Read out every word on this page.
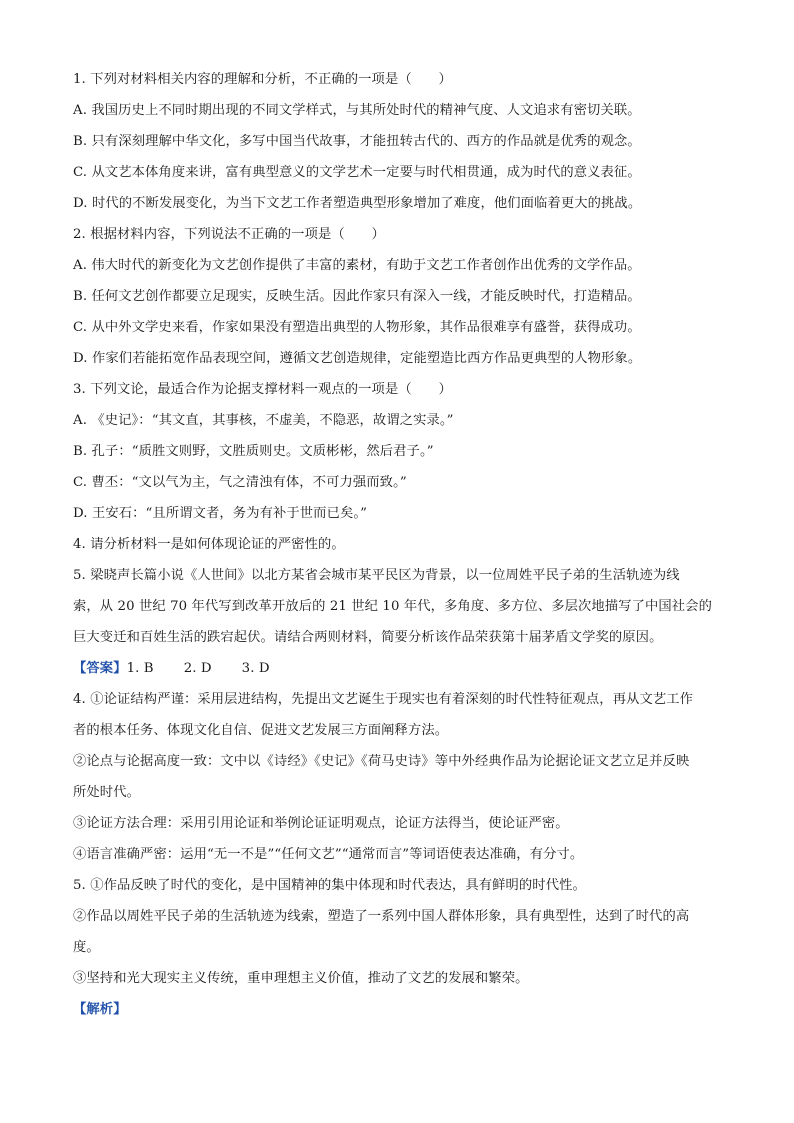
1. 下列对材料相关内容的理解和分析，不正确的一项是（　　）
A. 我国历史上不同时期出现的不同文学样式，与其所处时代的精神气度、人文追求有密切关联。
B. 只有深刻理解中华文化，多写中国当代故事，才能扭转古代的、西方的作品就是优秀的观念。
C. 从文艺本体角度来讲，富有典型意义的文学艺术一定要与时代相贯通，成为时代的意义表征。
D. 时代的不断发展变化，为当下文艺工作者塑造典型形象增加了难度，他们面临着更大的挑战。
2. 根据材料内容，下列说法不正确的一项是（　　）
A. 伟大时代的新变化为文艺创作提供了丰富的素材，有助于文艺工作者创作出优秀的文学作品。
B. 任何文艺创作都要立足现实，反映生活。因此作家只有深入一线，才能反映时代，打造精品。
C. 从中外文学史来看，作家如果没有塑造出典型的人物形象，其作品很难享有盛誉，获得成功。
D. 作家们若能拓宽作品表现空间，遵循文艺创造规律，定能塑造比西方作品更典型的人物形象。
3. 下列文论，最适合作为论据支撑材料一观点的一项是（　　）
A. 《史记》：“其文直，其事核，不虚美，不隐恶，故谓之实录。”
B. 孔子：“质胜文则野，文胜质则史。文质彬彬，然后君子。”
C. 曹丕：“文以气为主，气之清浊有体，不可力强而致。”
D. 王安石：“且所谓文者，务为有补于世而已矣。”
4. 请分析材料一是如何体现论证的严密性的。
5. 梁晓声长篇小说《人世间》以北方某省会城市某平民区为背景，以一位周姓平民子弟的生活轨迹为线
索，从 20 世纪 70 年代写到改革开放后的 21 世纪 10 年代，多角度、多方位、多层次地描写了中国社会的
巨大变迁和百姓生活的跌宕起伏。请结合两则材料，简要分析该作品荣获第十届茅盾文学奖的原因。
【答案】 1. B 2. D 3. D
4. ①论证结构严谨：采用层进结构，先提出文艺诞生于现实也有着深刻的时代性特征观点，再从文艺工作
者的根本任务、体现文化自信、促进文艺发展三方面阐释方法。
②论点与论据高度一致：文中以《诗经》《史记》《荷马史诗》等中外经典作品为论据论证文艺立足并反映
所处时代。
③论证方法合理：采用引用论证和举例论证证明观点，论证方法得当，使论证严密。
④语言准确严密：运用“无一不是”“任何文艺”“通常而言”等词语使表达准确，有分寸。
5. ①作品反映了时代的变化，是中国精神的集中体现和时代表达，具有鲜明的时代性。
②作品以周姓平民子弟的生活轨迹为线索，塑造了一系列中国人群体形象，具有典型性，达到了时代的高
度。
③坚持和光大现实主义传统，重申理想主义价值，推动了文艺的发展和繁荣。
【解析】
